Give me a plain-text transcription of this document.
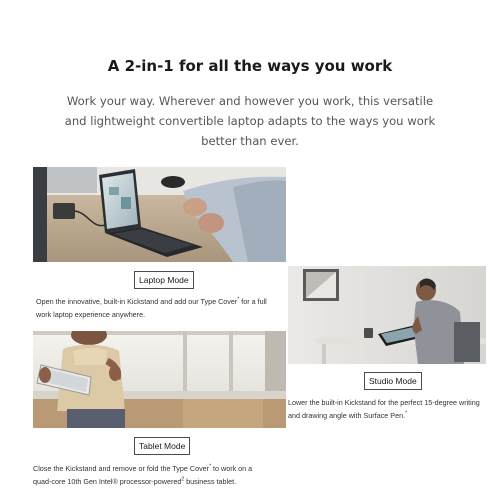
A 2-in-1 for all the ways you work
Work your way. Wherever and however you work, this versatile
and lightweight convertible laptop adapts to the ways you work
better than ever.
Laptop Mode
Open the innovative, built-in Kickstand and add our Type Cover* for a full
work laptop experience anywhere.
Studio Mode
Lower the built-in Kickstand for the perfect 15-degree writing
and drawing angle with Surface Pen.*
Tablet Mode
Close the Kickstand and remove or fold the Type Cover* to work on a
quad-core 10th Gen Intel® processor-powered$^2$ business tablet.
